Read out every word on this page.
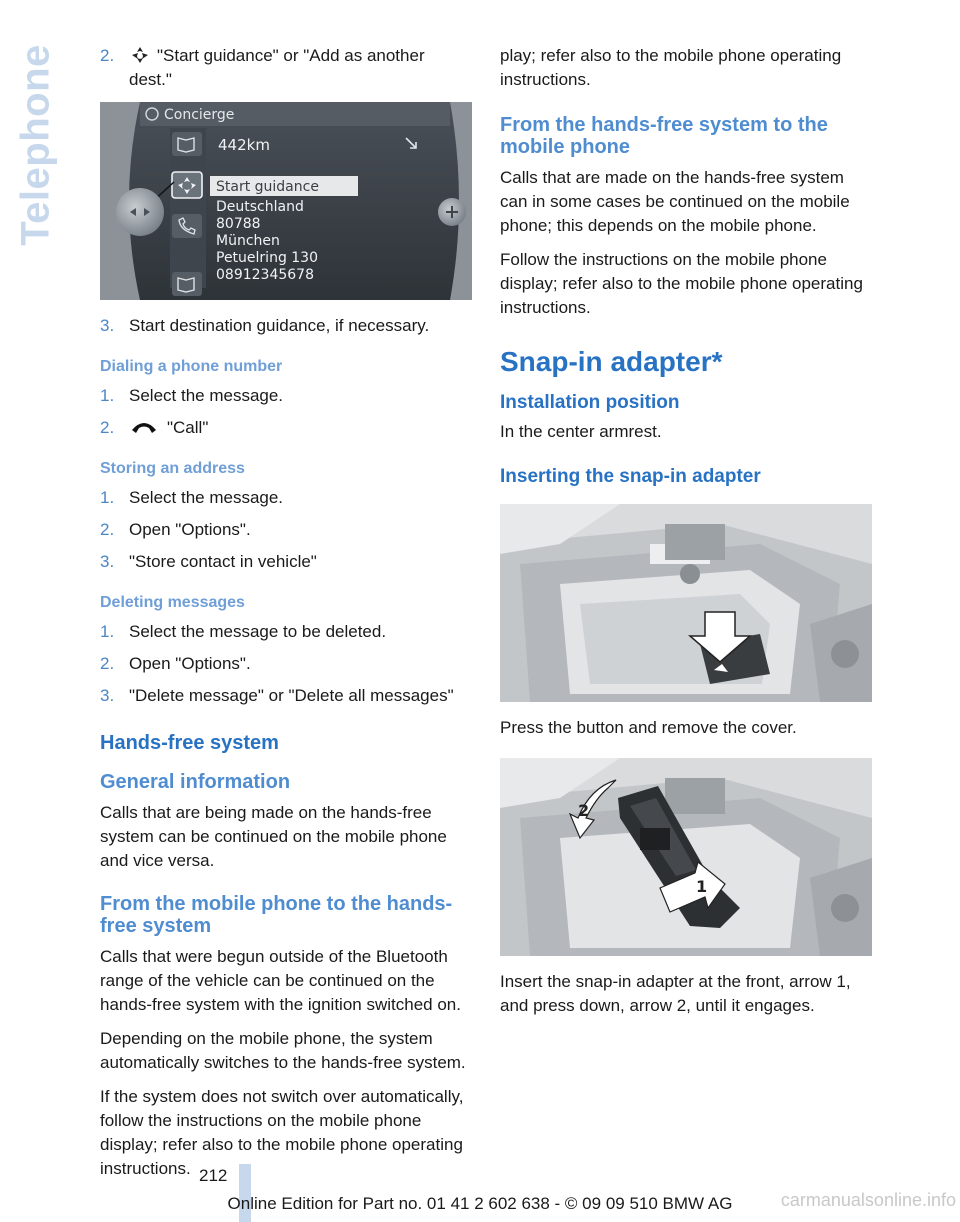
Telephone	2.	"Start guidance" or "Add as another dest."
Concierge
442km
Start guidance
Deutschland
80788
München
Petuelring 130
08912345678
3. Start destination guidance, if necessary.
Dialing a phone number
1. Select the message.
2.	"Call"
Storing an address
1. Select the message.
2. Open "Options".
3. "Store contact in vehicle"
Deleting messages
1. Select the message to be deleted.
2. Open "Options".
3. "Delete message" or "Delete all messages"
Hands-free system
General information

Calls that are being made on the hands-free system can be continued on the mobile phone and vice versa.

From the mobile phone to the hands-free system

Calls that were begun outside of the Bluetooth range of the vehicle can be continued on the hands-free system with the ignition switched on.

Depending on the mobile phone, the system automatically switches to the hands-free system.

If the system does not switch over automatically, follow the instructions on the mobile phone display; refer also to the mobile phone operating instructions.

play; refer also to the mobile phone operating instructions.

From the hands-free system to the mobile phone

Calls that are made on the hands-free system can in some cases be continued on the mobile phone; this depends on the mobile phone.

Follow the instructions on the mobile phone display; refer also to the mobile phone operating instructions.

Snap-in adapter*
Installation position

In the center armrest.

Inserting the snap-in adapter

Press the button and remove the cover.

1
2

Insert the snap-in adapter at the front, arrow 1, and press down, arrow 2, until it engages.

212
Online Edition for Part no. 01 41 2 602 638 - © 09 09 510 BMW AG	carmanualsonline.info
